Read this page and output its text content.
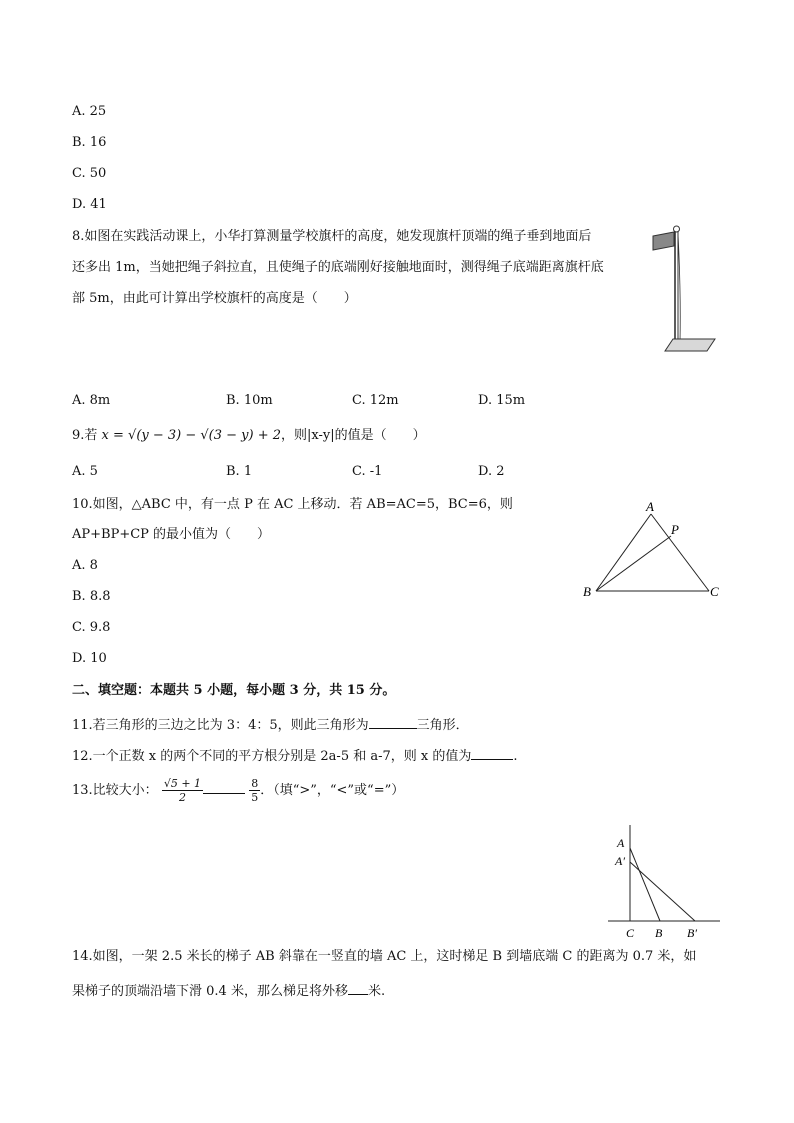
A. 25
B. 16
C. 50
D. 41
8.如图在实践活动课上，小华打算测量学校旗杆的高度，她发现旗杆顶端的绳子垂到地面后
还多出 1m，当她把绳子斜拉直，且使绳子的底端刚好接触地面时，测得绳子底端距离旗杆底
部 5m，由此可计算出学校旗杆的高度是（　　）
A. 8m	B. 10m	C. 12m	D. 15m
9.若 x = √(y − 3) − √(3 − y) + 2，则|x-y|的值是（　　）
A. 5	B. 1	C. -1	D. 2
10.如图，△ABC 中，有一点 P 在 AC 上移动．若 AB=AC=5，BC=6，则
AP+BP+CP 的最小值为（　　）
A. 8
B. 8.8
C. 9.8
D. 10
A
P
B	C
二、填空题：本题共 5 小题，每小题 3 分，共 15 分。
11.若三角形的三边之比为 3：4：5，则此三角形为	三角形．
12.一个正数 x 的两个不同的平方根分别是 2a-5 和 a-7，则 x 的值为	.
13.比较大小： $\frac{√5 + 1}{2}$
	$\frac{8}{5}$ ．（填“>”，“<”或“=”）
A
A′
C B B′
14.如图，一架 2.5 米长的梯子 AB 斜靠在一竖直的墙 AC 上，这时梯足 B 到墙底端 C 的距离为 0.7 米，如
果梯子的顶端沿墙下滑 0.4 米，那么梯足将外移 米.
